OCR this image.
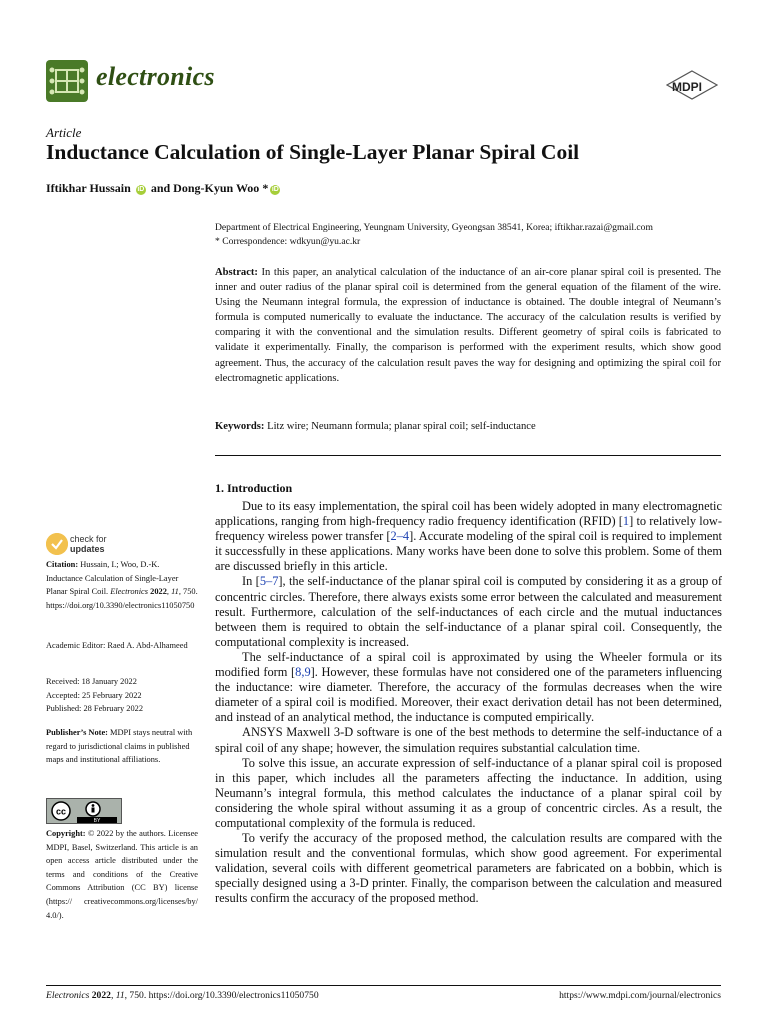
electronics	MDPI
Article
Inductance Calculation of Single-Layer Planar Spiral Coil
Iftikhar Hussain iD and Dong-Kyun Woo * iD
Department of Electrical Engineering, Yeungnam University, Gyeongsan 38541, Korea; iftikhar.razai@gmail.com
* Correspondence: wdkyun@yu.ac.kr
Abstract: In this paper, an analytical calculation of the inductance of an air-core planar spiral coil is presented. The inner and outer radius of the planar spiral coil is determined from the general equation of the filament of the wire. Using the Neumann integral formula, the expression of inductance is obtained. The double integral of Neumann’s formula is computed numerically to evaluate the inductance. The accuracy of the calculation results is verified by comparing it with the conventional and the simulation results. Different geometry of spiral coils is fabricated to validate it experimentally. Finally, the comparison is performed with the experiment results, which show good agreement. Thus, the accuracy of the calculation result paves the way for designing and optimizing the spiral coil for electromagnetic applications.
Keywords: Litz wire; Neumann formula; planar spiral coil; self-inductance
1. Introduction

Due to its easy implementation, the spiral coil has been widely adopted in many electromagnetic applications, ranging from high-frequency radio frequency identification (RFID) [1] to relatively low-frequency wireless power transfer [2–4]. Accurate modeling of the spiral coil is required to implement it successfully in these applications. Many works have been done to solve this problem. Some of them are discussed briefly in this article.

In [5–7], the self-inductance of the planar spiral coil is computed by considering it as a group of concentric circles. Therefore, there always exists some error between the calculated and measurement result. Furthermore, calculation of the self-inductances of each circle and the mutual inductances between them is required to obtain the self-inductance of a planar spiral coil. Consequently, the computational complexity is increased.

The self-inductance of a spiral coil is approximated by using the Wheeler formula or its modified form [8,9]. However, these formulas have not considered one of the parameters influencing the inductance: wire diameter. Therefore, the accuracy of the formulas decreases when the wire diameter of a spiral coil is modified. Moreover, their exact derivation detail has not been determined, and instead of an analytical method, the inductance is computed empirically.

ANSYS Maxwell 3-D software is one of the best methods to determine the self-inductance of a spiral coil of any shape; however, the simulation requires substantial calculation time.

To solve this issue, an accurate expression of self-inductance of a planar spiral coil is proposed in this paper, which includes all the parameters affecting the inductance. In addition, using Neumann’s integral formula, this method calculates the inductance of a planar spiral coil by considering the whole spiral without assuming it as a group of concentric circles. As a result, the computational complexity of the formula is reduced.

To verify the accuracy of the proposed method, the calculation results are compared with the simulation result and the conventional formulas, which show good agreement. For experimental validation, several coils with different geometrical parameters are fabricated on a bobbin, which is specially designed using a 3-D printer. Finally, the comparison between the calculation and measured results confirm the accuracy of the proposed method.

check for
updates
Citation: Hussain, I.; Woo, D.-K. Inductance Calculation of Single-Layer Planar Spiral Coil. Electronics 2022, 11, 750. https://doi.org/10.3390/electronics11050750
Academic Editor: Raed A. Abd-Alhameed
Received: 18 January 2022
Accepted: 25 February 2022
Published: 28 February 2022
Publisher’s Note: MDPI stays neutral with regard to jurisdictional claims in published maps and institutional affiliations.
cc
BY
Copyright: © 2022 by the authors. Licensee MDPI, Basel, Switzerland. This article is an open access article distributed under the terms and conditions of the Creative Commons Attribution (CC BY) license (https:// creativecommons.org/licenses/by/ 4.0/).
Electronics 2022, 11, 750. https://doi.org/10.3390/electronics11050750	https://www.mdpi.com/journal/electronics
